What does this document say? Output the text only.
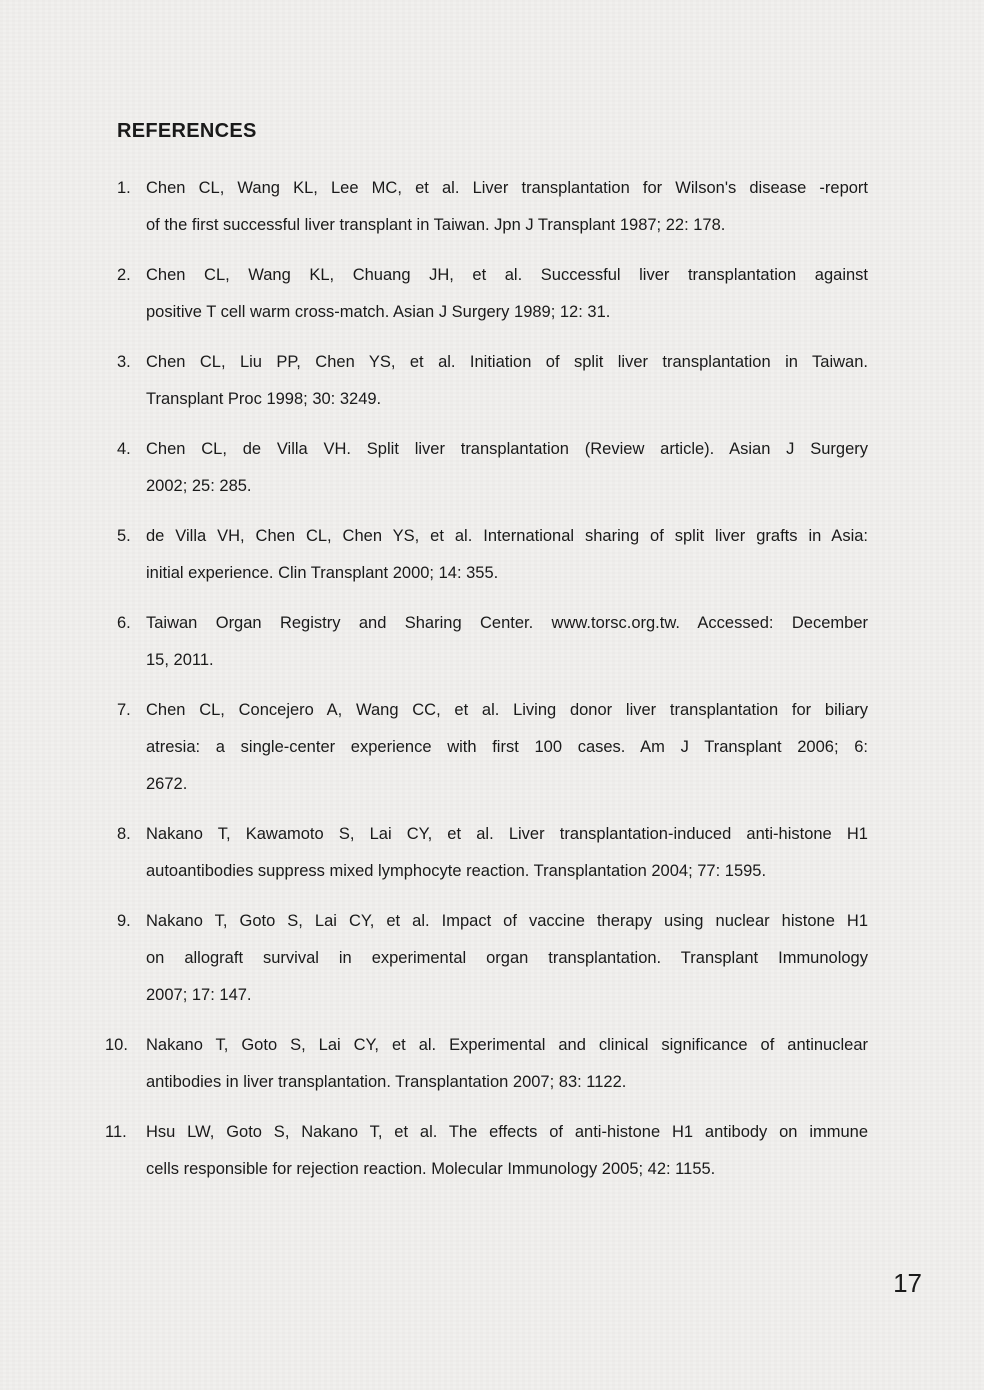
REFERENCES
1. Chen CL, Wang KL, Lee MC, et al. Liver transplantation for Wilson's disease -report
of the first successful liver transplant in Taiwan. Jpn J Transplant 1987; 22: 178.
2. Chen CL, Wang KL, Chuang JH, et al. Successful liver transplantation against
positive T cell warm cross-match. Asian J Surgery 1989; 12: 31.
3. Chen CL, Liu PP, Chen YS, et al. Initiation of split liver transplantation in Taiwan.
Transplant Proc 1998; 30: 3249.
4. Chen CL, de Villa VH. Split liver transplantation (Review article). Asian J Surgery
2002; 25: 285.
5. de Villa VH, Chen CL, Chen YS, et al. International sharing of split liver grafts in Asia:
initial experience. Clin Transplant 2000; 14: 355.
6. Taiwan Organ Registry and Sharing Center. www.torsc.org.tw. Accessed: December
15, 2011.
7. Chen CL, Concejero A, Wang CC, et al. Living donor liver transplantation for biliary
atresia: a single-center experience with first 100 cases. Am J Transplant 2006; 6:
2672.
8. Nakano T, Kawamoto S, Lai CY, et al. Liver transplantation-induced anti-histone H1
autoantibodies suppress mixed lymphocyte reaction. Transplantation 2004; 77: 1595.
9. Nakano T, Goto S, Lai CY, et al. Impact of vaccine therapy using nuclear histone H1
on allograft survival in experimental organ transplantation. Transplant Immunology
2007; 17: 147.
10. Nakano T, Goto S, Lai CY, et al. Experimental and clinical significance of antinuclear
antibodies in liver transplantation. Transplantation 2007; 83: 1122.
11. Hsu LW, Goto S, Nakano T, et al. The effects of anti-histone H1 antibody on immune
cells responsible for rejection reaction. Molecular Immunology 2005; 42: 1155.
17
